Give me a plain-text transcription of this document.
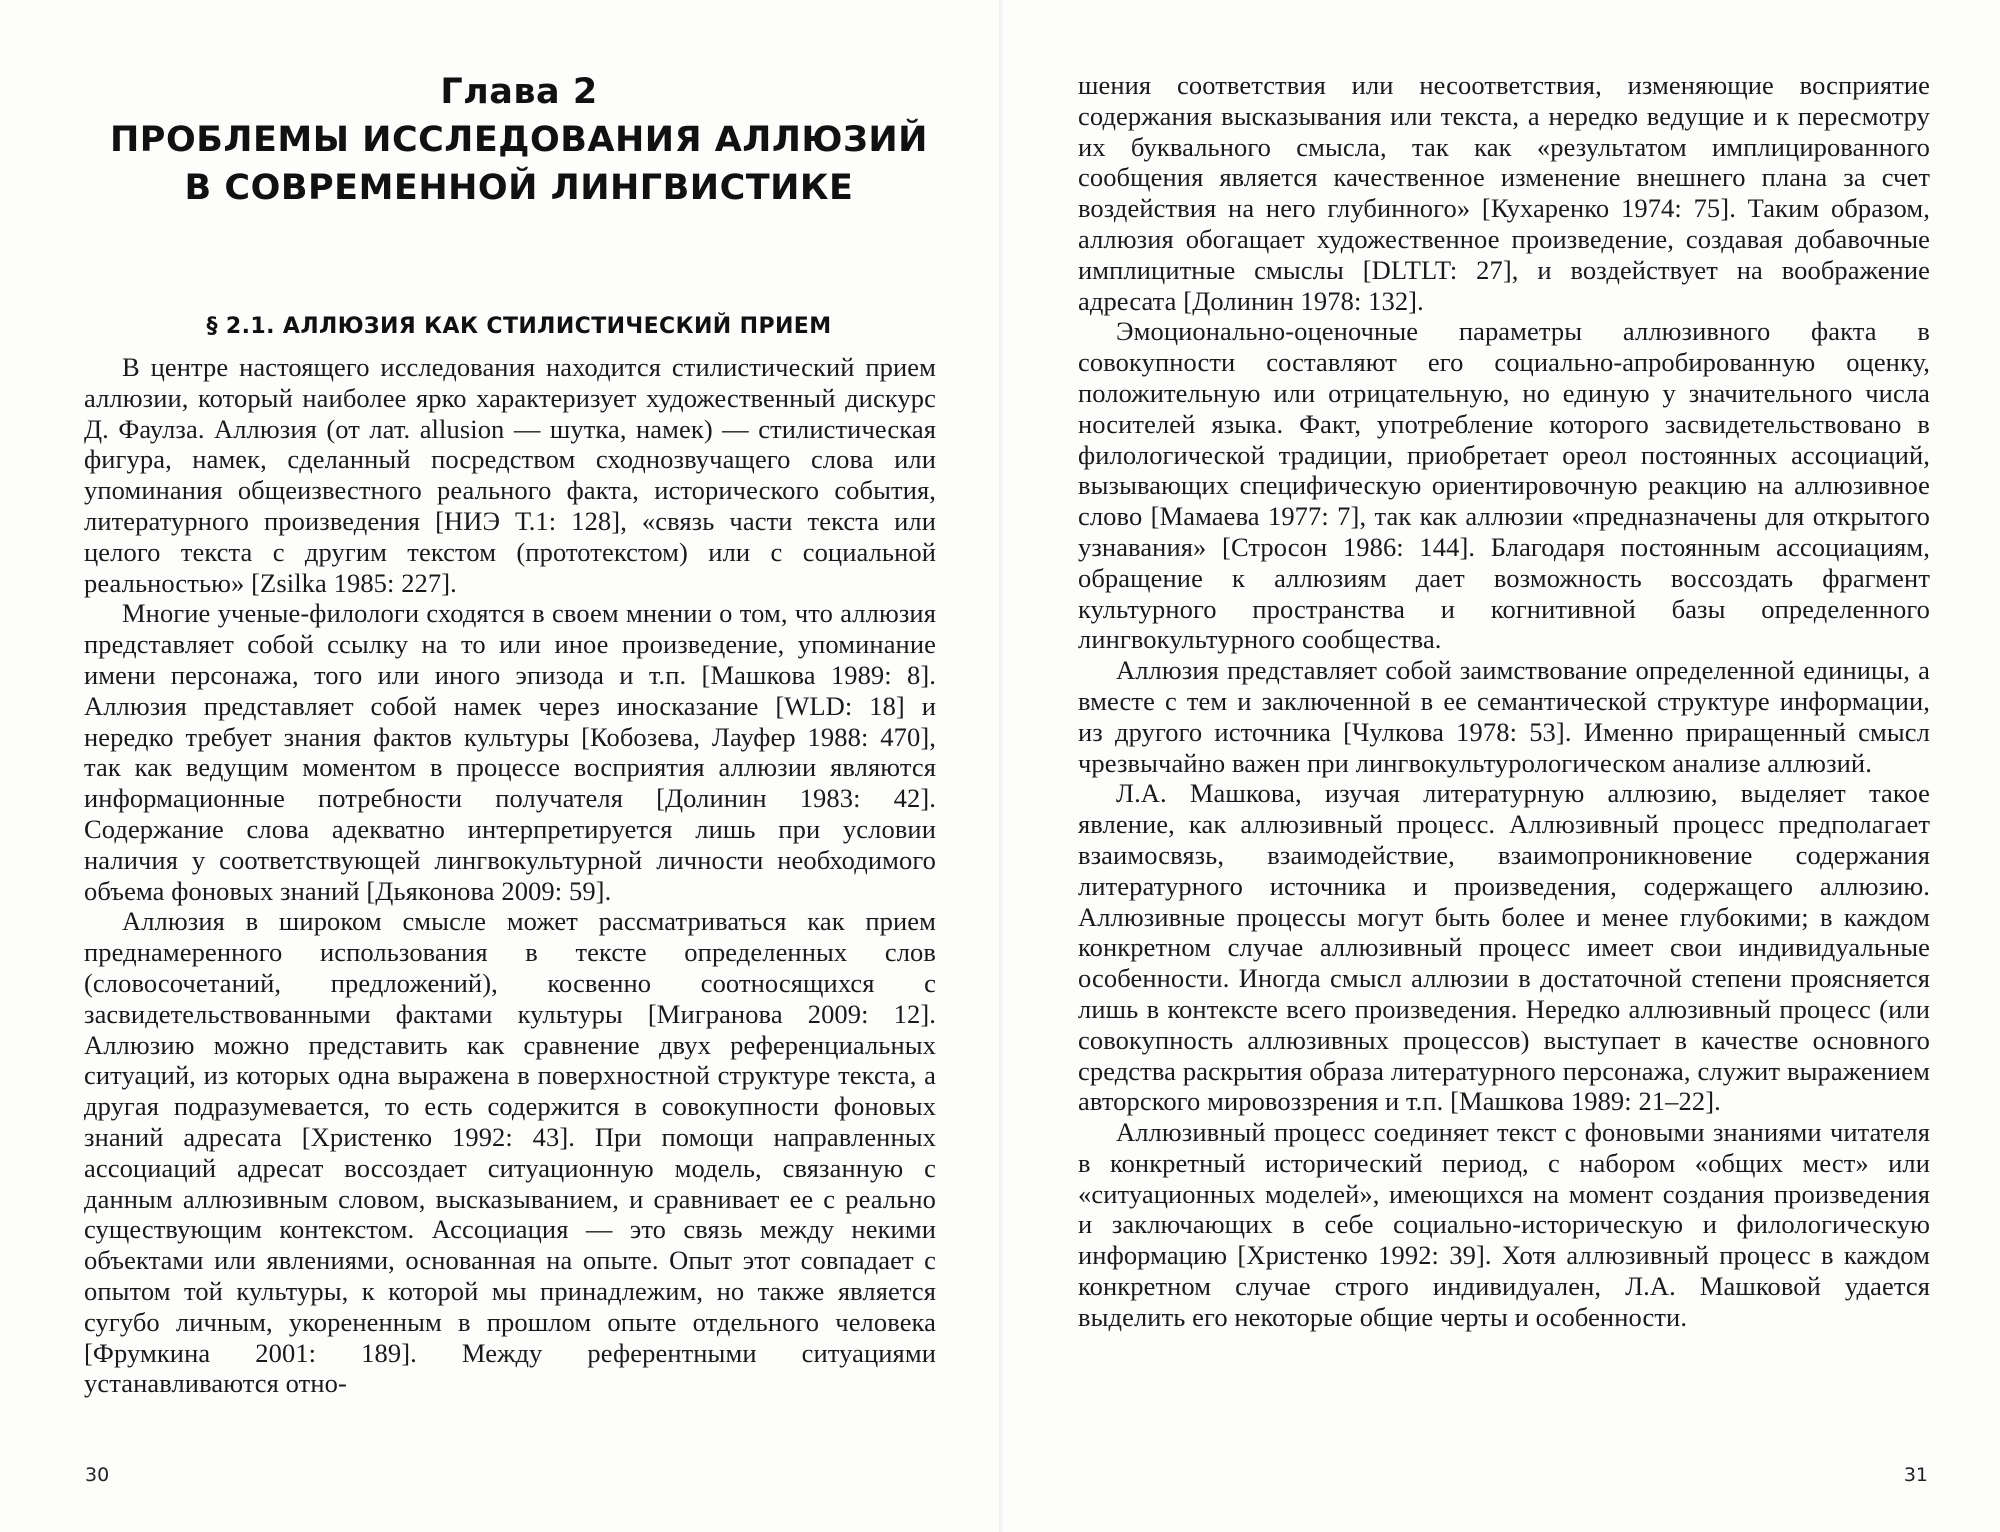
Глава 2
ПРОБЛЕМЫ ИССЛЕДОВАНИЯ АЛЛЮЗИЙ
В СОВРЕМЕННОЙ ЛИНГВИСТИКЕ
§ 2.1. АЛЛЮЗИЯ КАК СТИЛИСТИЧЕСКИЙ ПРИЕМ

В центре настоящего исследования находится стилистический прием аллюзии, который наиболее ярко характеризует художественный дискурс Д. Фаулза. Аллюзия (от лат. allusion — шутка, намек) — стилистическая фигура, намек, сделанный посредством сходнозвучащего слова или упоминания общеизвестного реального факта, исторического события, литературного произведения [НИЭ Т.1: 128], «связь части текста или целого текста с другим текстом (прототекстом) или с социальной реальностью» [Zsilka 1985: 227].

Многие ученые-филологи сходятся в своем мнении о том, что аллюзия представляет собой ссылку на то или иное произведение, упоминание имени персонажа, того или иного эпизода и т.п. [Машкова 1989: 8]. Аллюзия представляет собой намек через иносказание [WLD: 18] и нередко требует знания фактов культуры [Кобозева, Лауфер 1988: 470], так как ведущим моментом в процессе восприятия аллюзии являются информационные потребности получателя [Долинин 1983: 42]. Содержание слова адекватно интерпретируется лишь при условии наличия у соответствующей лингвокультурной личности необходимого объема фоновых знаний [Дьяконова 2009: 59].

Аллюзия в широком смысле может рассматриваться как прием преднамеренного использования в тексте определенных слов (словосочетаний, предложений), косвенно соотносящихся с засвидетельствованными фактами культуры [Мигранова 2009: 12]. Аллюзию можно представить как сравнение двух референциальных ситуаций, из которых одна выражена в поверхностной структуре текста, а другая подразумевается, то есть содержится в совокупности фоновых знаний адресата [Христенко 1992: 43]. При помощи направленных ассоциаций адресат воссоздает ситуационную модель, связанную с данным аллюзивным словом, высказыванием, и сравнивает ее с реально существующим контекстом. Ассоциация — это связь между некими объектами или явлениями, основанная на опыте. Опыт этот совпадает с опытом той культуры, к которой мы принадлежим, но также является сугубо личным, укорененным в прошлом опыте отдельного человека [Фрумкина 2001: 189]. Между референтными ситуациями устанавливаются отно-

30

шения соответствия или несоответствия, изменяющие восприятие содержания высказывания или текста, а нередко ведущие и к пересмотру их буквального смысла, так как «результатом имплицированного сообщения является качественное изменение внешнего плана за счет воздействия на него глубинного» [Кухаренко 1974: 75]. Таким образом, аллюзия обогащает художественное произведение, создавая добавочные имплицитные смыслы [DLTLT: 27], и воздействует на воображение адресата [Долинин 1978: 132].

Эмоционально-оценочные параметры аллюзивного факта в совокупности составляют его социально-апробированную оценку, положительную или отрицательную, но единую у значительного числа носителей языка. Факт, употребление которого засвидетельствовано в филологической традиции, приобретает ореол постоянных ассоциаций, вызывающих специфическую ориентировочную реакцию на аллюзивное слово [Мамаева 1977: 7], так как аллюзии «предназначены для открытого узнавания» [Стросон 1986: 144]. Благодаря постоянным ассоциациям, обращение к аллюзиям дает возможность воссоздать фрагмент культурного пространства и когнитивной базы определенного лингвокультурного сообщества.

Аллюзия представляет собой заимствование определенной единицы, а вместе с тем и заключенной в ее семантической структуре информации, из другого источника [Чулкова 1978: 53]. Именно приращенный смысл чрезвычайно важен при лингвокультурологическом анализе аллюзий.

Л.А. Машкова, изучая литературную аллюзию, выделяет такое явление, как аллюзивный процесс. Аллюзивный процесс предполагает взаимосвязь, взаимодействие, взаимопроникновение содержания литературного источника и произведения, содержащего аллюзию. Аллюзивные процессы могут быть более и менее глубокими; в каждом конкретном случае аллюзивный процесс имеет свои индивидуальные особенности. Иногда смысл аллюзии в достаточной степени проясняется лишь в контексте всего произведения. Нередко аллюзивный процесс (или совокупность аллюзивных процессов) выступает в качестве основного средства раскрытия образа литературного персонажа, служит выражением авторского мировоззрения и т.п. [Машкова 1989: 21–22].

Аллюзивный процесс соединяет текст с фоновыми знаниями читателя в конкретный исторический период, с набором «общих мест» или «ситуационных моделей», имеющихся на момент создания произведения и заключающих в себе социально-историческую и филологическую информацию [Христенко 1992: 39]. Хотя аллюзивный процесс в каждом конкретном случае строго индивидуален, Л.А. Машковой удается выделить его некоторые общие черты и особенности.

31
